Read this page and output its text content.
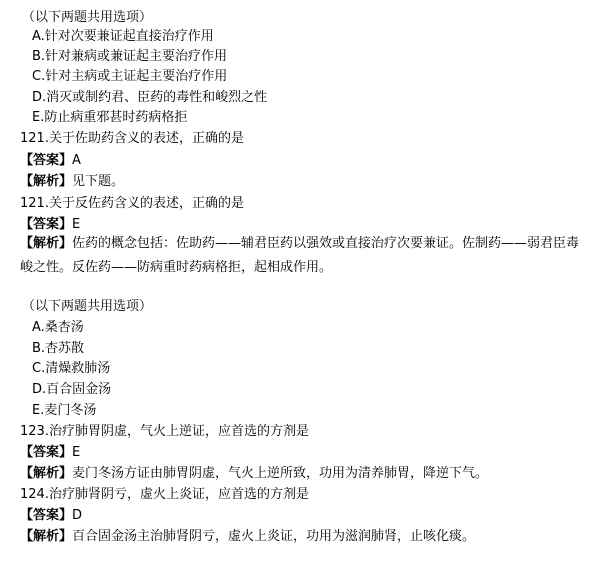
（以下两题共用选项）
A.针对次要兼证起直接治疗作用
B.针对兼病或兼证起主要治疗作用
C.针对主病或主证起主要治疗作用
D.消灭或制约君、臣药的毒性和峻烈之性
E.防止病重邪甚时药病格拒
121.关于佐助药含义的表述，正确的是
【答案】A
【解析】见下题。
121.关于反佐药含义的表述，正确的是
【答案】E
【解析】佐药的概念包括：佐助药——辅君臣药以强效或直接治疗次要兼证。佐制药——弱君臣毒峻之性。反佐药——防病重时药病格拒，起相成作用。
（以下两题共用选项）
A.桑杏汤
B.杏苏散
C.清燥救肺汤
D.百合固金汤
E.麦门冬汤
123.治疗肺胃阴虚，气火上逆证，应首选的方剂是
【答案】E
【解析】麦门冬汤方证由肺胃阴虚，气火上逆所致，功用为清养肺胃，降逆下气。
124.治疗肺肾阴亏，虚火上炎证，应首选的方剂是
【答案】D
【解析】百合固金汤主治肺肾阴亏，虚火上炎证，功用为滋润肺肾，止咳化痰。
